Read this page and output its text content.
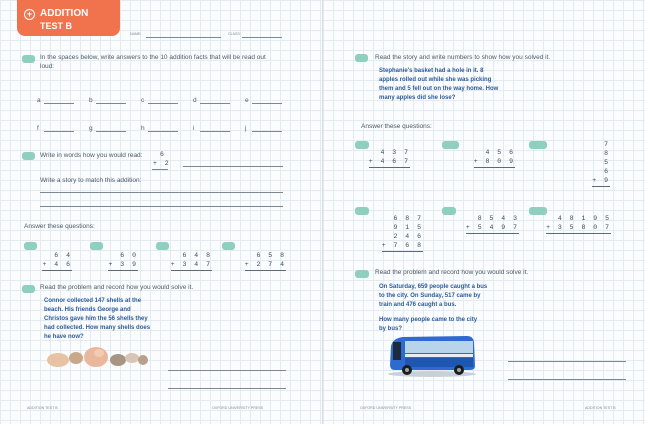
+ ADDITION
TEST B
NAME:	CLASS:
In the spaces below, write answers to the 10 addition facts that will be read out loud:
a	b	c	d	e
f	g	h	i	j
Write in words how you would read:	6
+ 2
Write a story to match this addition:
Answer these questions:
6 4
+ 4 6
6 0
+ 3 9
6 4 8
+ 3 4 7
6 5 8
+ 2 7 4
Read the problem and record how you would solve it.
Connor collected 147 shells at the beach. His friends George and Christos gave him the 56 shells they had collected. How many shells does he have now?
ADDITION TEST B	OXFORD UNIVERSITY PRESS
Read the story and write numbers to show how you solved it.
Stephanie's basket had a hole in it. 8 apples rolled out while she was picking them and 5 fell out on the way home. How many apples did she lose?
Answer these questions:
4 3 7
+ 4 6 7
4 5 6
+ 8 0 9
7
8
5
6
+ 9
6 8 7
9 1 5
2 4 6
+ 7 6 8
8 5 4 3
+ 5 4 9 7
4 8 1 9 5
+ 3 5 8 0 7
Read the problem and record how you would solve it.
On Saturday, 659 people caught a bus to the city. On Sunday, 517 came by train and 476 caught a bus.
How many people came to the city by bus?
OXFORD UNIVERSITY PRESS	ADDITION TEST B
